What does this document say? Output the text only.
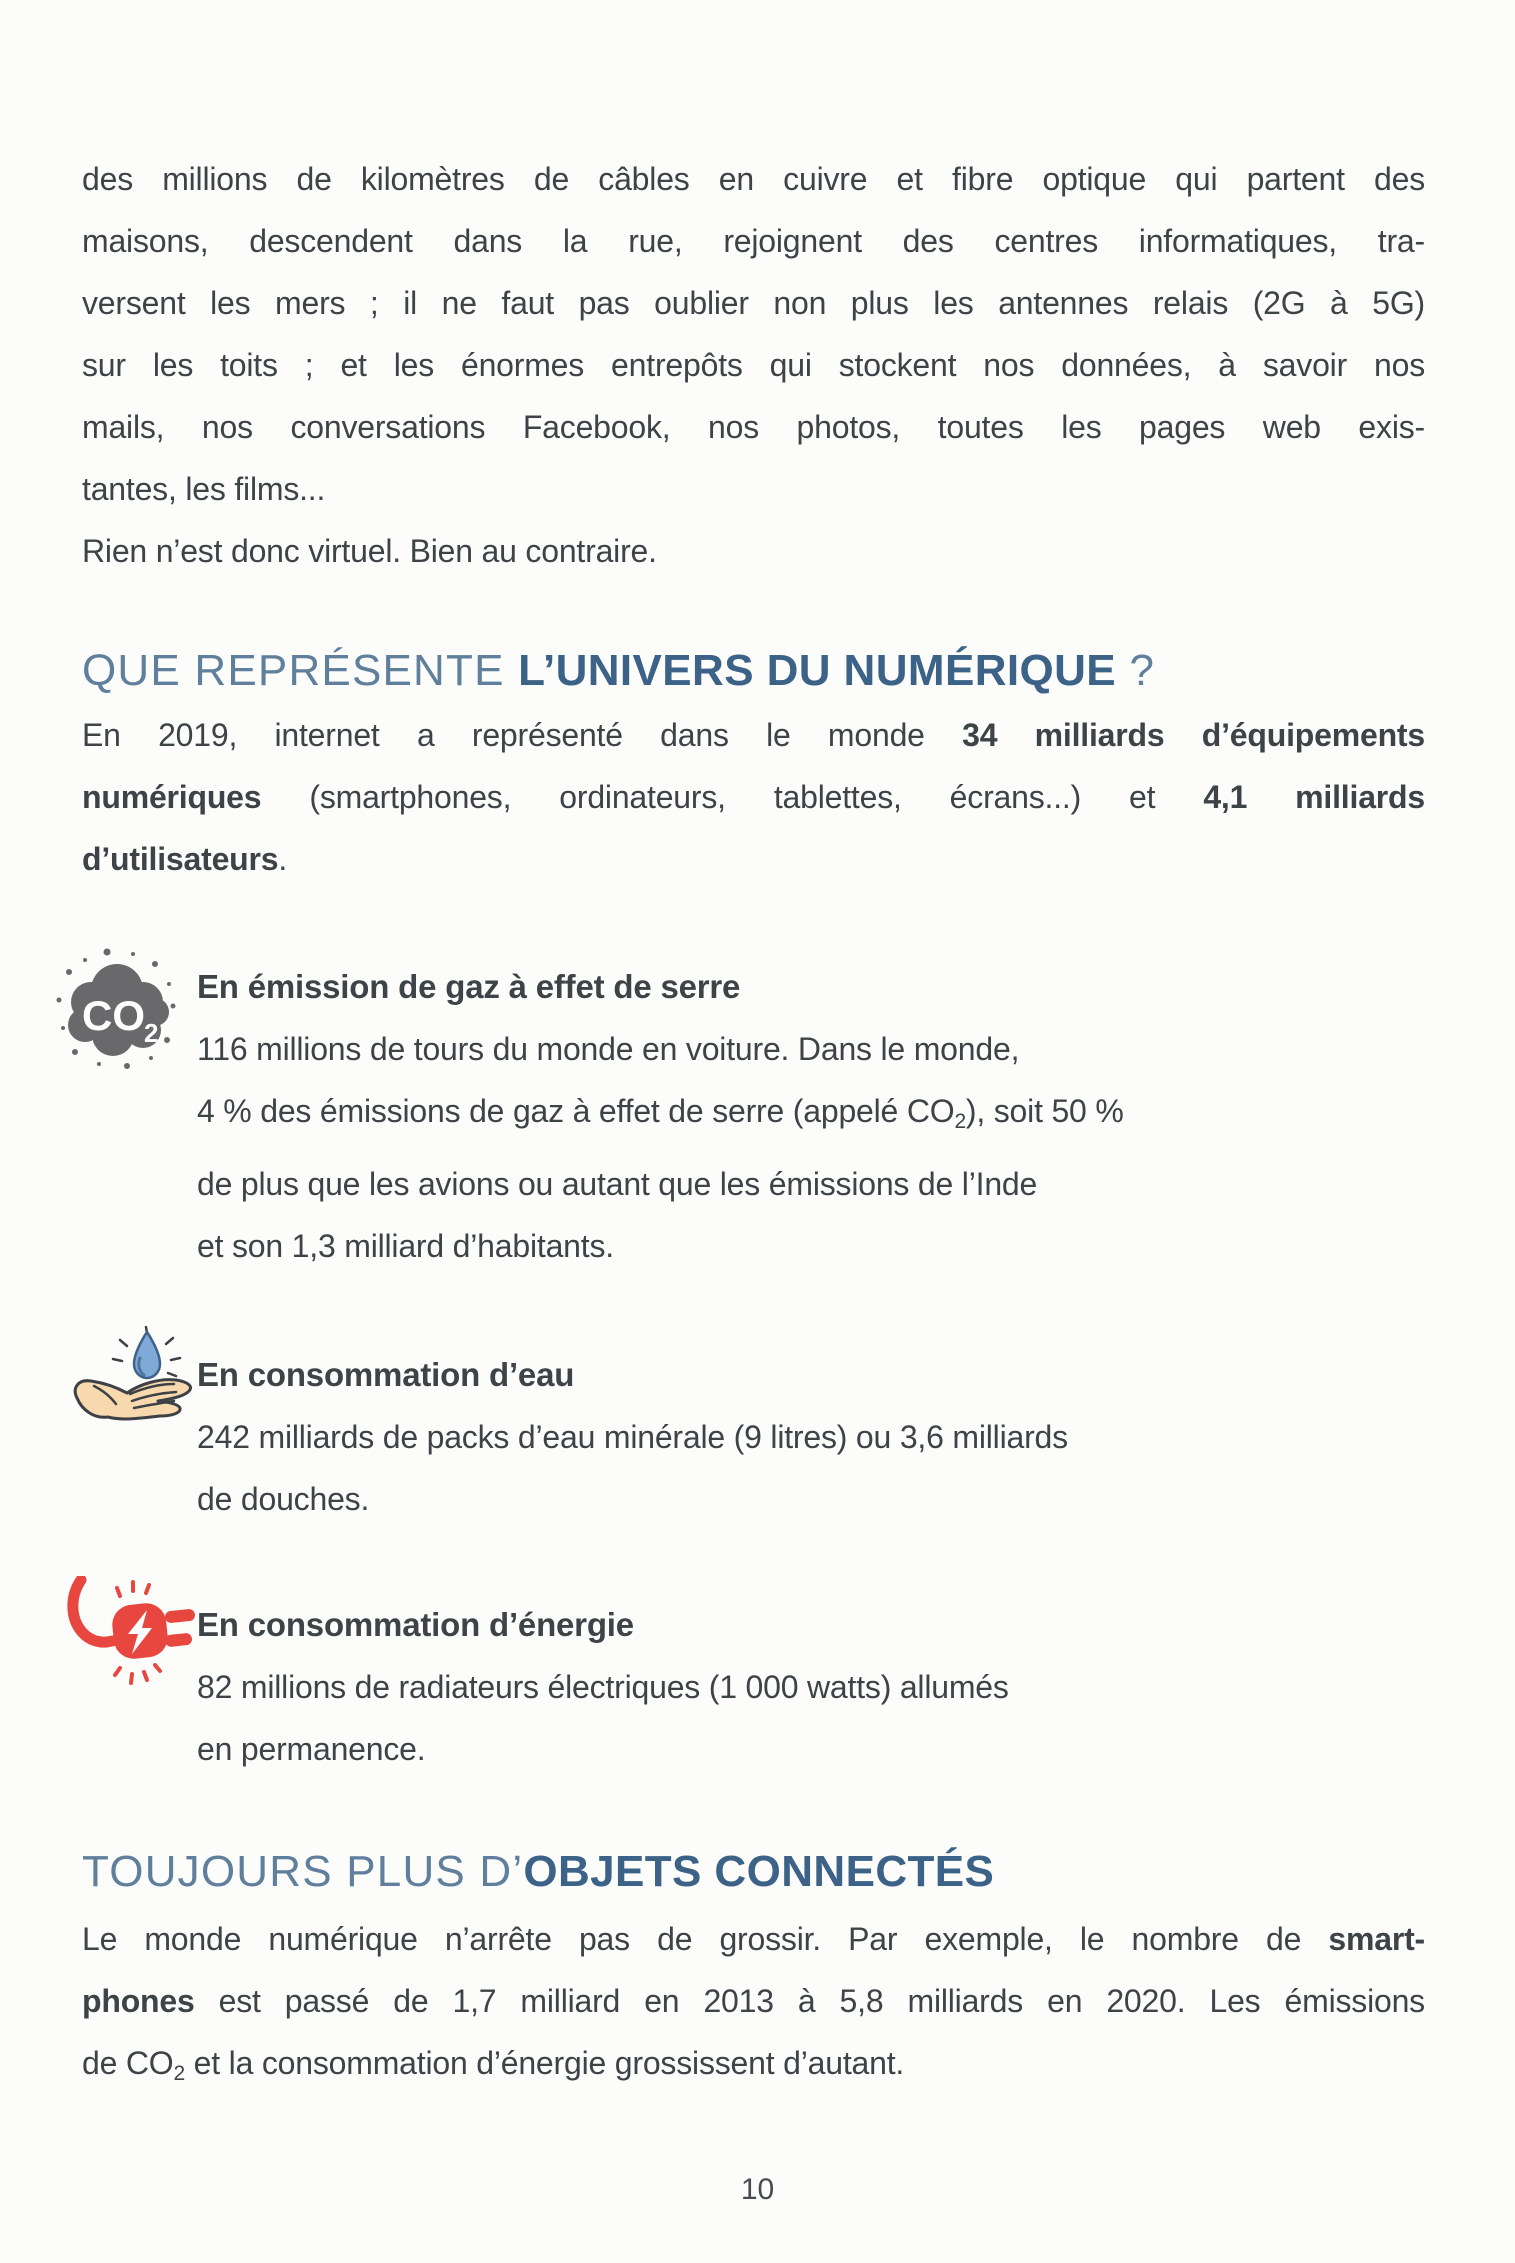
des millions de kilomètres de câbles en cuivre et fibre optique qui partent des
maisons, descendent dans la rue, rejoignent des centres informatiques, tra-
versent les mers ; il ne faut pas oublier non plus les antennes relais (2G à 5G)
sur les toits ; et les énormes entrepôts qui stockent nos données, à savoir nos
mails, nos conversations Facebook, nos photos, toutes les pages web exis-
tantes, les films...
Rien n’est donc virtuel. Bien au contraire.
QUE REPRÉSENTE L’UNIVERS DU NUMÉRIQUE ?
En 2019, internet a représenté dans le monde 34 milliards d’équipements
numériques (smartphones, ordinateurs, tablettes, écrans...) et 4,1 milliards
d’utilisateurs.
CO 2
En émission de gaz à effet de serre
116 millions de tours du monde en voiture. Dans le monde,
4 % des émissions de gaz à effet de serre (appelé $CO_2$), soit 50 %
de plus que les avions ou autant que les émissions de l’Inde
et son 1,3 milliard d’habitants.
En consommation d’eau
242 milliards de packs d’eau minérale (9 litres) ou 3,6 milliards
de douches.
En consommation d’énergie
82 millions de radiateurs électriques (1 000 watts) allumés
en permanence.
TOUJOURS PLUS D’OBJETS CONNECTÉS
Le monde numérique n’arrête pas de grossir. Par exemple, le nombre de smart-
phones est passé de 1,7 milliard en 2013 à 5,8 milliards en 2020. Les émissions
de $CO_2$ et la consommation d’énergie grossissent d’autant.
10
